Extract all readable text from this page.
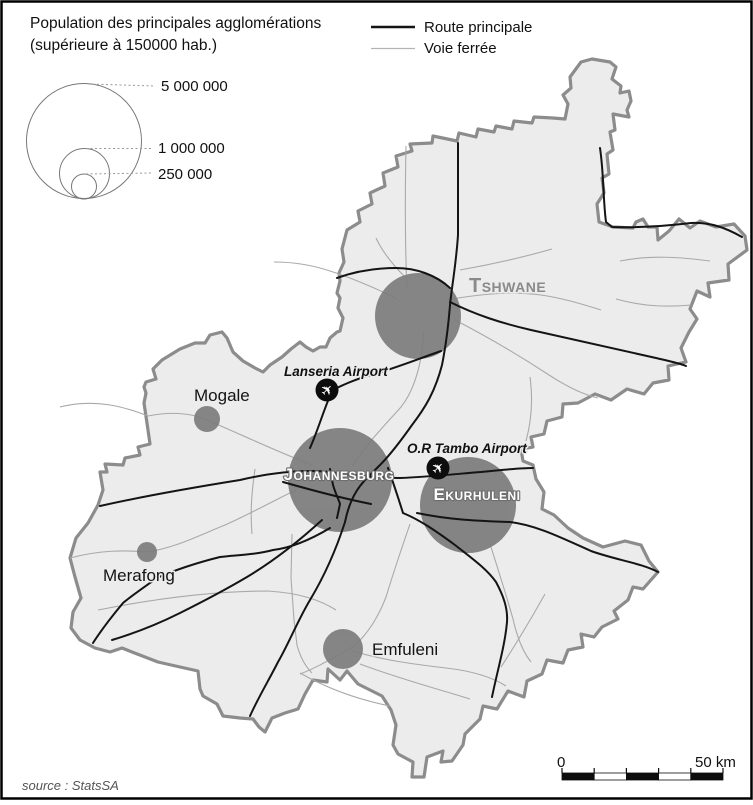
Tshwane
Johannesburg
Ekurhuleni
Mogale
Merafong
Emfuleni
Lanseria Airport
✈
O.R Tambo Airport
✈
Population des principales agglomérations
(supérieure à 150000 hab.)
5 000 000
1 000 000
250 000
Route principale
Voie ferrée
0	50 km
source : StatsSA
